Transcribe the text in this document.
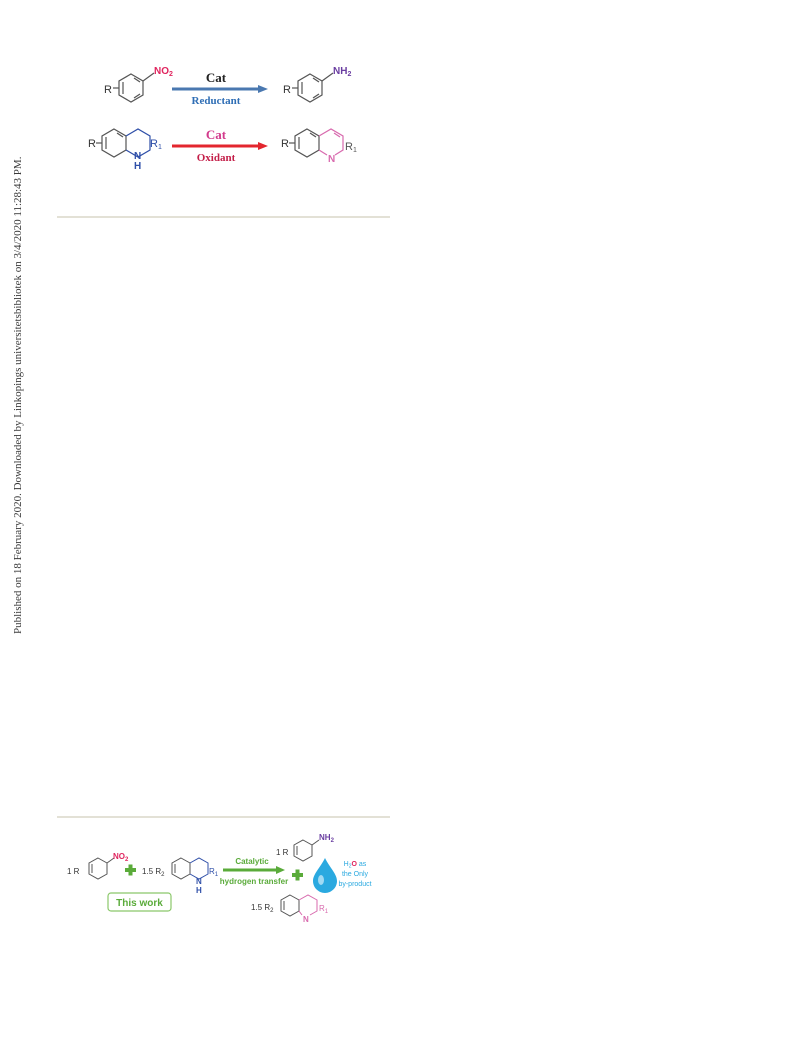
Published on 18 February 2020. Downloaded by Linkopings universitetsbibliotek on 3/4/2020 11:28:43 PM.
R
$NO_2$	Cat
Reductant
R
$NH_2$
R1
R
N
H
Cat
Oxidant
R1
R
N
1 R
$NO_2$
1.5 $R_2$	$R_1$
N
H
Catalytic
hydrogen transfer
1 R
$NH_2$
$H_2O$ as
the Only
by-product
1.5 $R_2$	$R_1$
N
This work
